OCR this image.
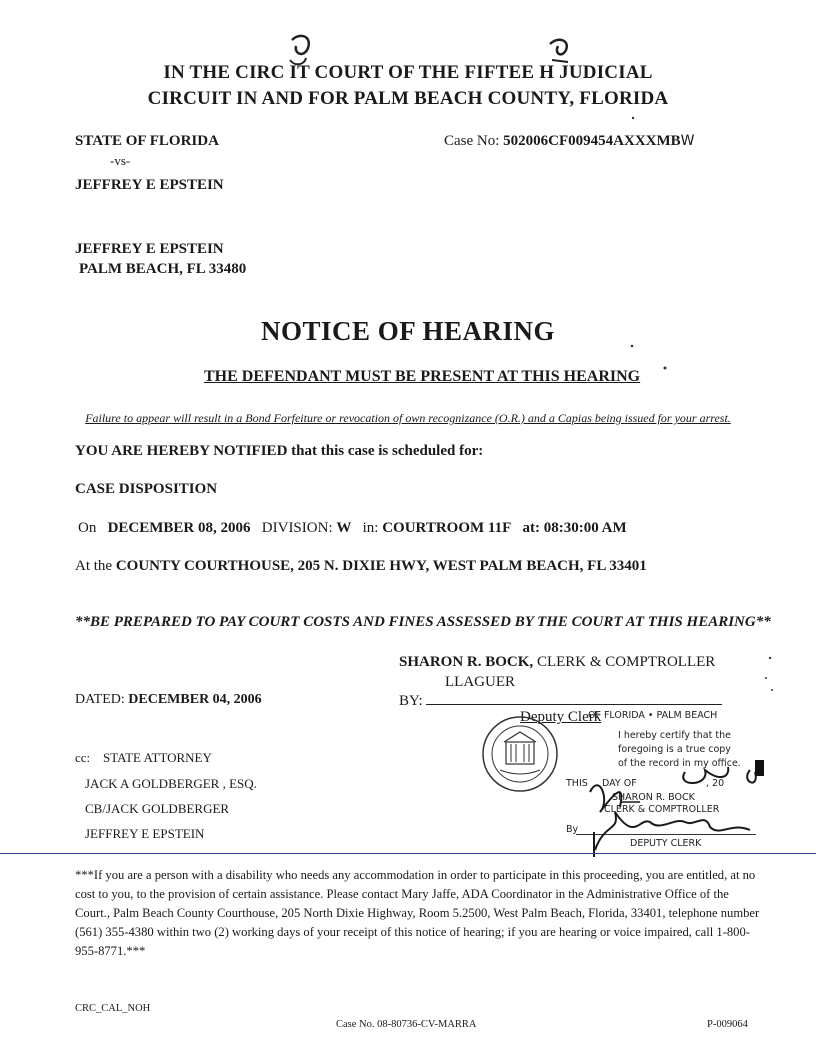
IN THE CIRC IT COURT OF THE FIFTEE H JUDICIAL
CIRCUIT IN AND FOR PALM BEACH COUNTY, FLORIDA
STATE OF FLORIDA
-vs-
JEFFREY E EPSTEIN
Case No: 502006CF009454AXXXMBW
JEFFREY E EPSTEIN
PALM BEACH, FL 33480
NOTICE OF HEARING
THE DEFENDANT MUST BE PRESENT AT THIS HEARING
Failure to appear will result in a Bond Forfeiture or revocation of own recognizance (O.R.) and a Capias being issued for your arrest.
YOU ARE HEREBY NOTIFIED that this case is scheduled for:
CASE DISPOSITION
On DECEMBER 08, 2006 DIVISION: W in: COURTROOM 11F at: 08:30:00 AM
At the COUNTY COURTHOUSE, 205 N. DIXIE HWY, WEST PALM BEACH, FL 33401
**BE PREPARED TO PAY COURT COSTS AND FINES ASSESSED BY THE COURT AT THIS HEARING**
SHARON R. BOCK, CLERK & COMPTROLLER
LLAGUER
BY:
Deputy Clerk
DATED: DECEMBER 04, 2006
cc: STATE ATTORNEY
JACK A GOLDBERGER , ESQ.
CB/JACK GOLDBERGER
JEFFREY E EPSTEIN
OF FLORIDA • PALM BEACH
I hereby certify that the
foregoing is a true copy
of the record in my office.
THIS DAY OF	, 20
SHARON R. BOCK
CLERK & COMPTROLLER
By
DEPUTY CLERK
***If you are a person with a disability who needs any accommodation in order to participate in this proceeding, you are entitled, at no cost to you, to the provision of certain assistance. Please contact Mary Jaffe, ADA Coordinator in the Administrative Office of the Court., Palm Beach County Courthouse, 205 North Dixie Highway, Room 5.2500, West Palm Beach, Florida, 33401, telephone number (561) 355-4380 within two (2) working days of your receipt of this notice of hearing; if you are hearing or voice impaired, call 1-800-955-8771.***
CRC_CAL_NOH
Case No. 08-80736-CV-MARRA	P-009064
